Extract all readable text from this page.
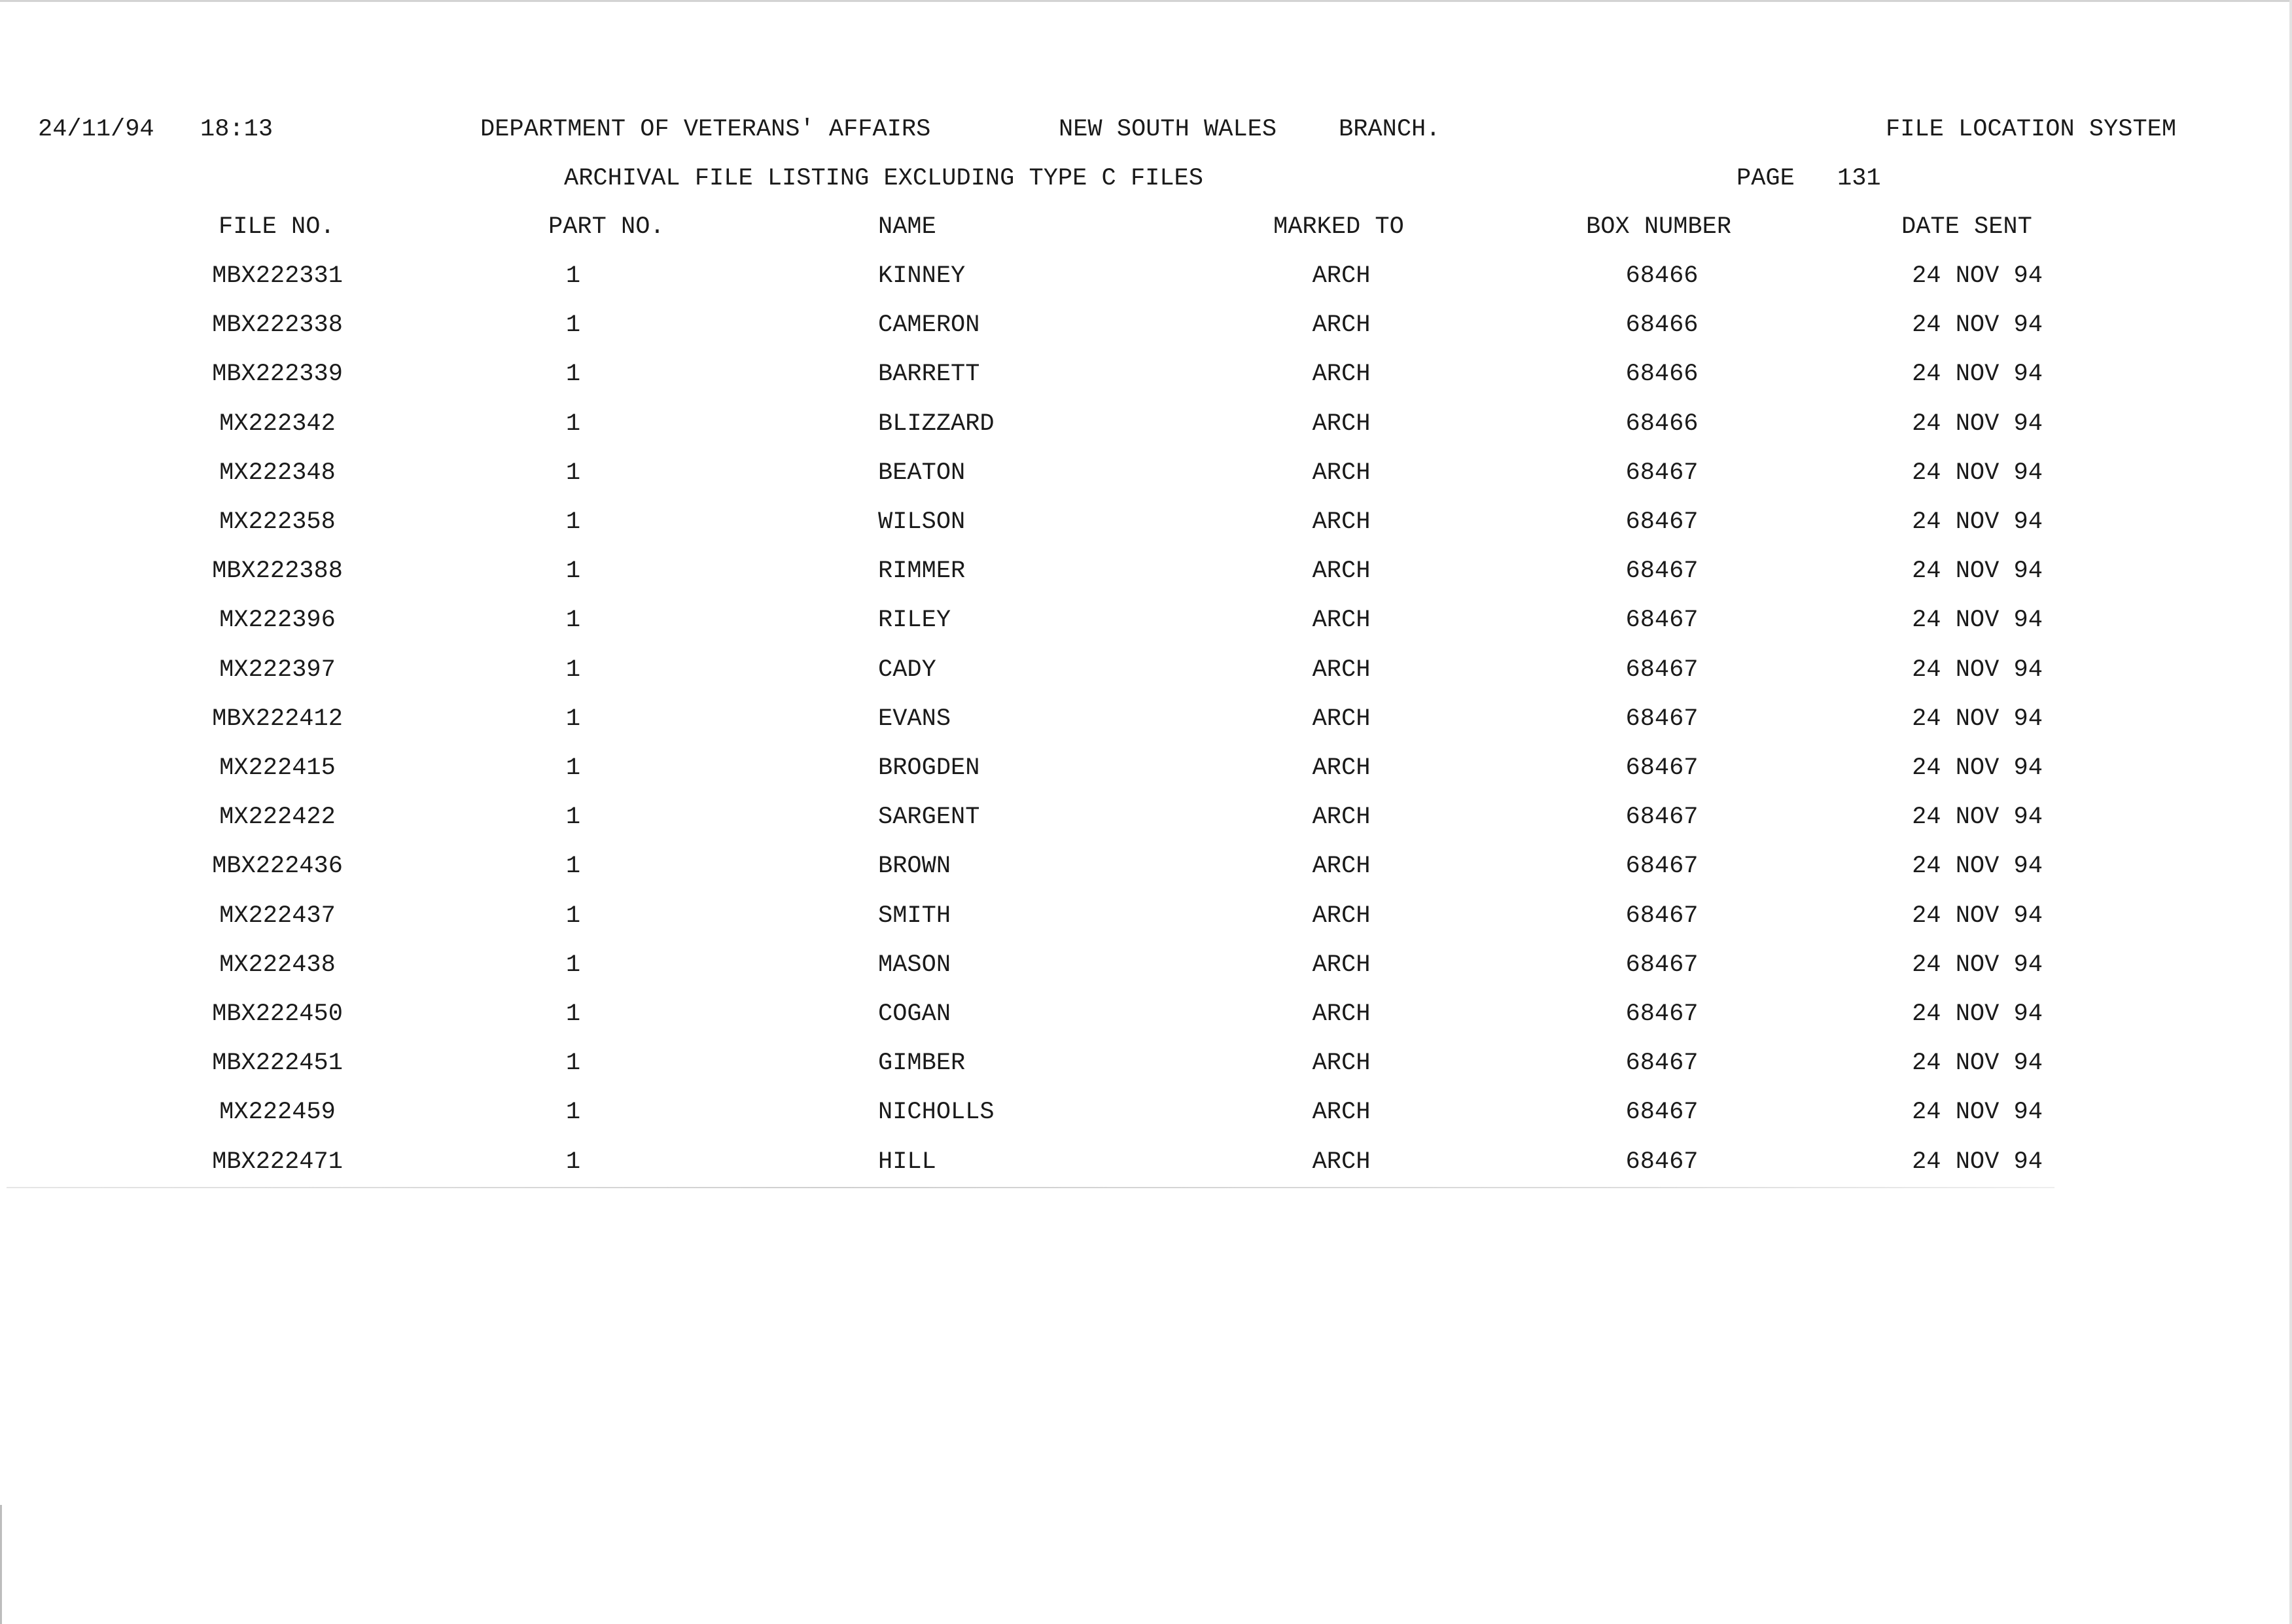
24/11/94 18:13	DEPARTMENT OF VETERANS' AFFAIRS	NEW SOUTH WALES	BRANCH.	FILE LOCATION SYSTEM
ARCHIVAL FILE LISTING EXCLUDING TYPE C FILES	PAGE 131
FILE NO.	PART NO.	NAME	MARKED TO	BOX NUMBER	DATE SENT
MBX222331	1	KINNEY	ARCH	68466	24 NOV 94
MBX222338	1	CAMERON	ARCH	68466	24 NOV 94
MBX222339	1	BARRETT	ARCH	68466	24 NOV 94
MX222342	1	BLIZZARD	ARCH	68466	24 NOV 94
MX222348	1	BEATON	ARCH	68467	24 NOV 94
MX222358	1	WILSON	ARCH	68467	24 NOV 94
MBX222388	1	RIMMER	ARCH	68467	24 NOV 94
MX222396	1	RILEY	ARCH	68467	24 NOV 94
MX222397	1	CADY	ARCH	68467	24 NOV 94
MBX222412	1	EVANS	ARCH	68467	24 NOV 94
MX222415	1	BROGDEN	ARCH	68467	24 NOV 94
MX222422	1	SARGENT	ARCH	68467	24 NOV 94
MBX222436	1	BROWN	ARCH	68467	24 NOV 94
MX222437	1	SMITH	ARCH	68467	24 NOV 94
MX222438	1	MASON	ARCH	68467	24 NOV 94
MBX222450	1	COGAN	ARCH	68467	24 NOV 94
MBX222451	1	GIMBER	ARCH	68467	24 NOV 94
MX222459	1	NICHOLLS	ARCH	68467	24 NOV 94
MBX222471	1	HILL	ARCH	68467	24 NOV 94
